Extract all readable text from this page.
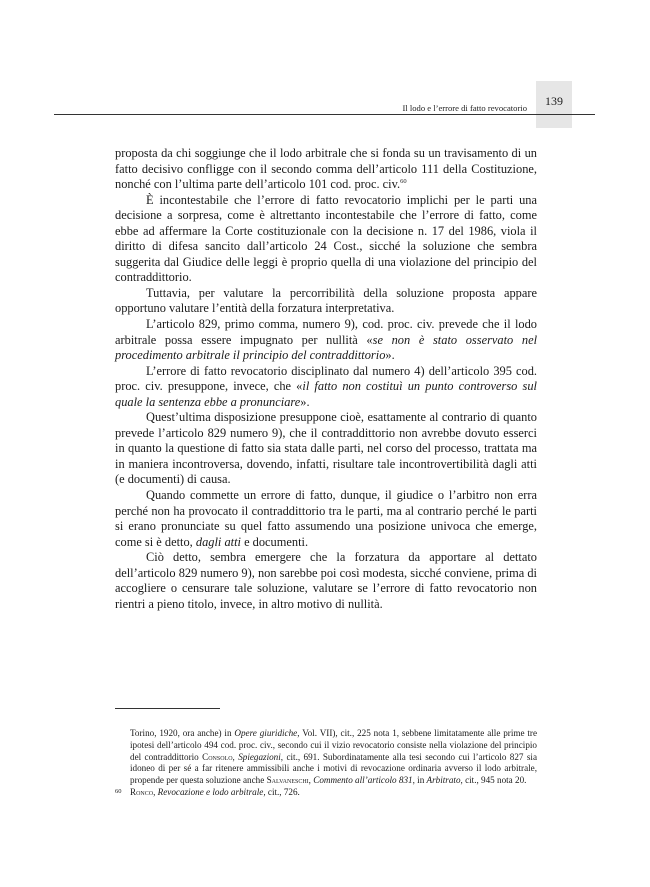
139
Il lodo e l’errore di fatto revocatorio

proposta da chi soggiunge che il lodo arbitrale che si fonda su un travisamento di un fatto decisivo confligge con il secondo comma dell’articolo 111 della Costituzione, nonché con l’ultima parte dell’articolo 101 cod. proc. civ.$^{60}$

È incontestabile che l’errore di fatto revocatorio implichi per le parti una decisione a sorpresa, come è altrettanto incontestabile che l’errore di fatto, come ebbe ad affermare la Corte costituzionale con la decisione n. 17 del 1986, viola il diritto di difesa sancito dall’articolo 24 Cost., sicché la soluzione che sembra suggerita dal Giudice delle leggi è proprio quella di una violazione del principio del contraddittorio.

Tuttavia, per valutare la percorribilità della soluzione proposta appare opportuno valutare l’entità della forzatura interpretativa.

L’articolo 829, primo comma, numero 9), cod. proc. civ. prevede che il lodo arbitrale possa essere impugnato per nullità «se non è stato osservato nel procedimento arbitrale il principio del contraddittorio».

L’errore di fatto revocatorio disciplinato dal numero 4) dell’articolo 395 cod. proc. civ. presuppone, invece, che «il fatto non costituì un punto controverso sul quale la sentenza ebbe a pronunciare».

Quest’ultima disposizione presuppone cioè, esattamente al contrario di quanto prevede l’articolo 829 numero 9), che il contraddittorio non avrebbe dovuto esserci in quanto la questione di fatto sia stata dalle parti, nel corso del processo, trattata ma in maniera incontroversa, dovendo, infatti, risultare tale incontrovertibilità dagli atti (e documenti) di causa.

Quando commette un errore di fatto, dunque, il giudice o l’arbitro non erra perché non ha provocato il contraddittorio tra le parti, ma al contrario perché le parti si erano pronunciate su quel fatto assumendo una posizione univoca che emerge, come si è detto, dagli atti e documenti.

Ciò detto, sembra emergere che la forzatura da apportare al dettato dell’articolo 829 numero 9), non sarebbe poi così modesta, sicché conviene, prima di accogliere o censurare tale soluzione, valutare se l’errore di fatto revocatorio non rientri a pieno titolo, invece, in altro motivo di nullità.

Torino, 1920, ora anche) in Opere giuridiche, Vol. VII), cit., 225 nota 1, sebbene limitatamente alle prime tre ipotesi dell’articolo 494 cod. proc. civ., secondo cui il vizio revocatorio consiste nella violazione del principio del contraddittorio Consolo, Spiegazioni, cit., 691. Subordinatamente alla tesi secondo cui l’articolo 827 sia idoneo di per sé a far ritenere ammissibili anche i motivi di revocazione ordinaria avverso il lodo arbitrale, propende per questa soluzione anche Salvaneschi, Commento all’articolo 831, in Arbitrato, cit., 945 nota 20.

60 Ronco, Revocazione e lodo arbitrale, cit., 726.
